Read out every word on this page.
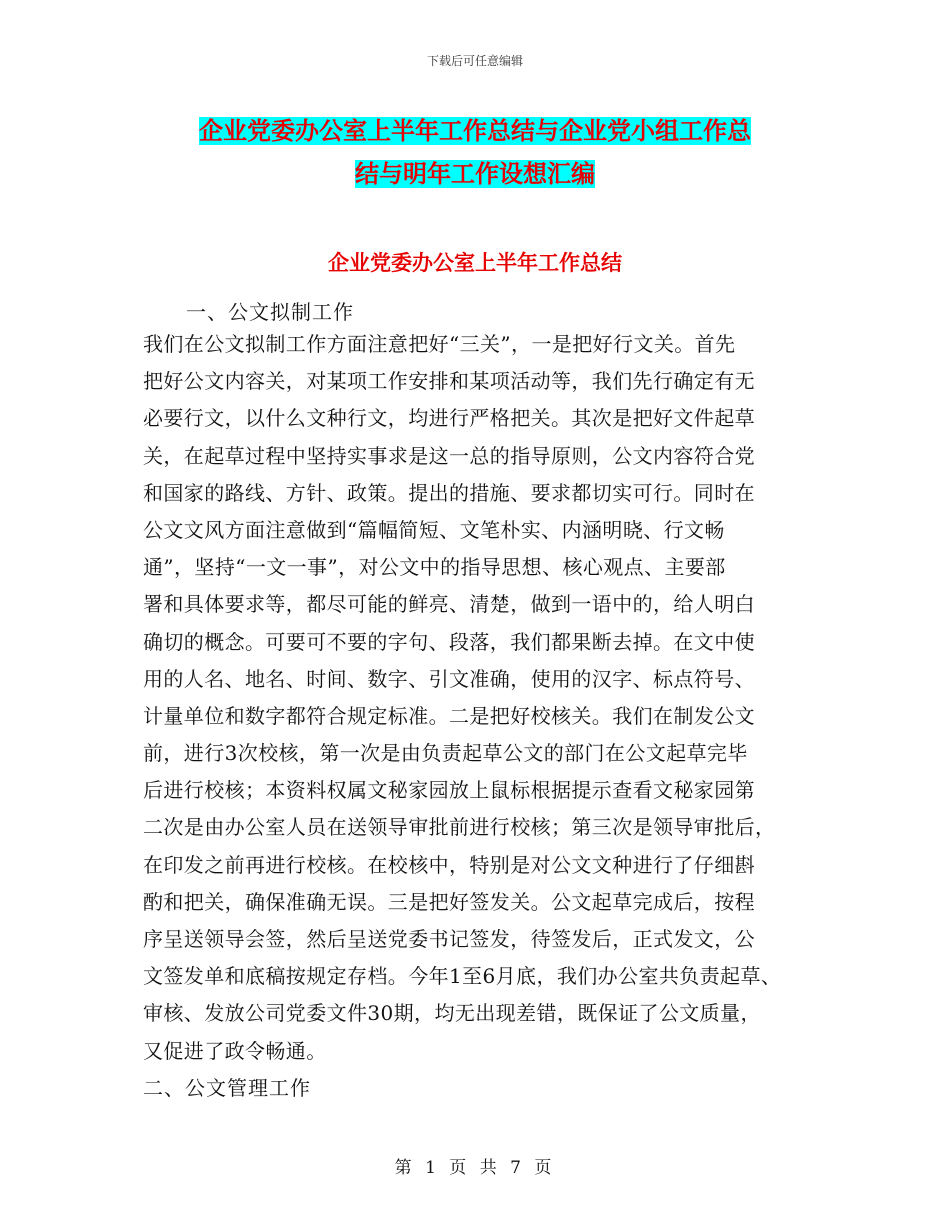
下载后可任意编辑
企业党委办公室上半年工作总结与企业党小组工作总
结与明年工作设想汇编
企业党委办公室上半年工作总结
一、公文拟制工作
我们在公文拟制工作方面注意把好“三关”，一是把好行文关。首先
把好公文内容关，对某项工作安排和某项活动等，我们先行确定有无
必要行文，以什么文种行文，均进行严格把关。其次是把好文件起草
关，在起草过程中坚持实事求是这一总的指导原则，公文内容符合党
和国家的路线、方针、政策。提出的措施、要求都切实可行。同时在
公文文风方面注意做到“篇幅简短、文笔朴实、内涵明晓、行文畅
通”，坚持“一文一事”，对公文中的指导思想、核心观点、主要部
署和具体要求等，都尽可能的鲜亮、清楚，做到一语中的，给人明白
确切的概念。可要可不要的字句、段落，我们都果断去掉。在文中使
用的人名、地名、时间、数字、引文准确，使用的汉字、标点符号、
计量单位和数字都符合规定标准。二是把好校核关。我们在制发公文
前，进行3次校核，第一次是由负责起草公文的部门在公文起草完毕
后进行校核；本资料权属文秘家园放上鼠标根据提示查看文秘家园第
二次是由办公室人员在送领导审批前进行校核；第三次是领导审批后，
在印发之前再进行校核。在校核中，特别是对公文文种进行了仔细斟
酌和把关，确保准确无误。三是把好签发关。公文起草完成后，按程
序呈送领导会签，然后呈送党委书记签发，待签发后，正式发文，公
文签发单和底稿按规定存档。今年1至6月底，我们办公室共负责起草、
审核、发放公司党委文件30期，均无出现差错，既保证了公文质量，
又促进了政令畅通。
二、公文管理工作
第 1 页 共 7 页
